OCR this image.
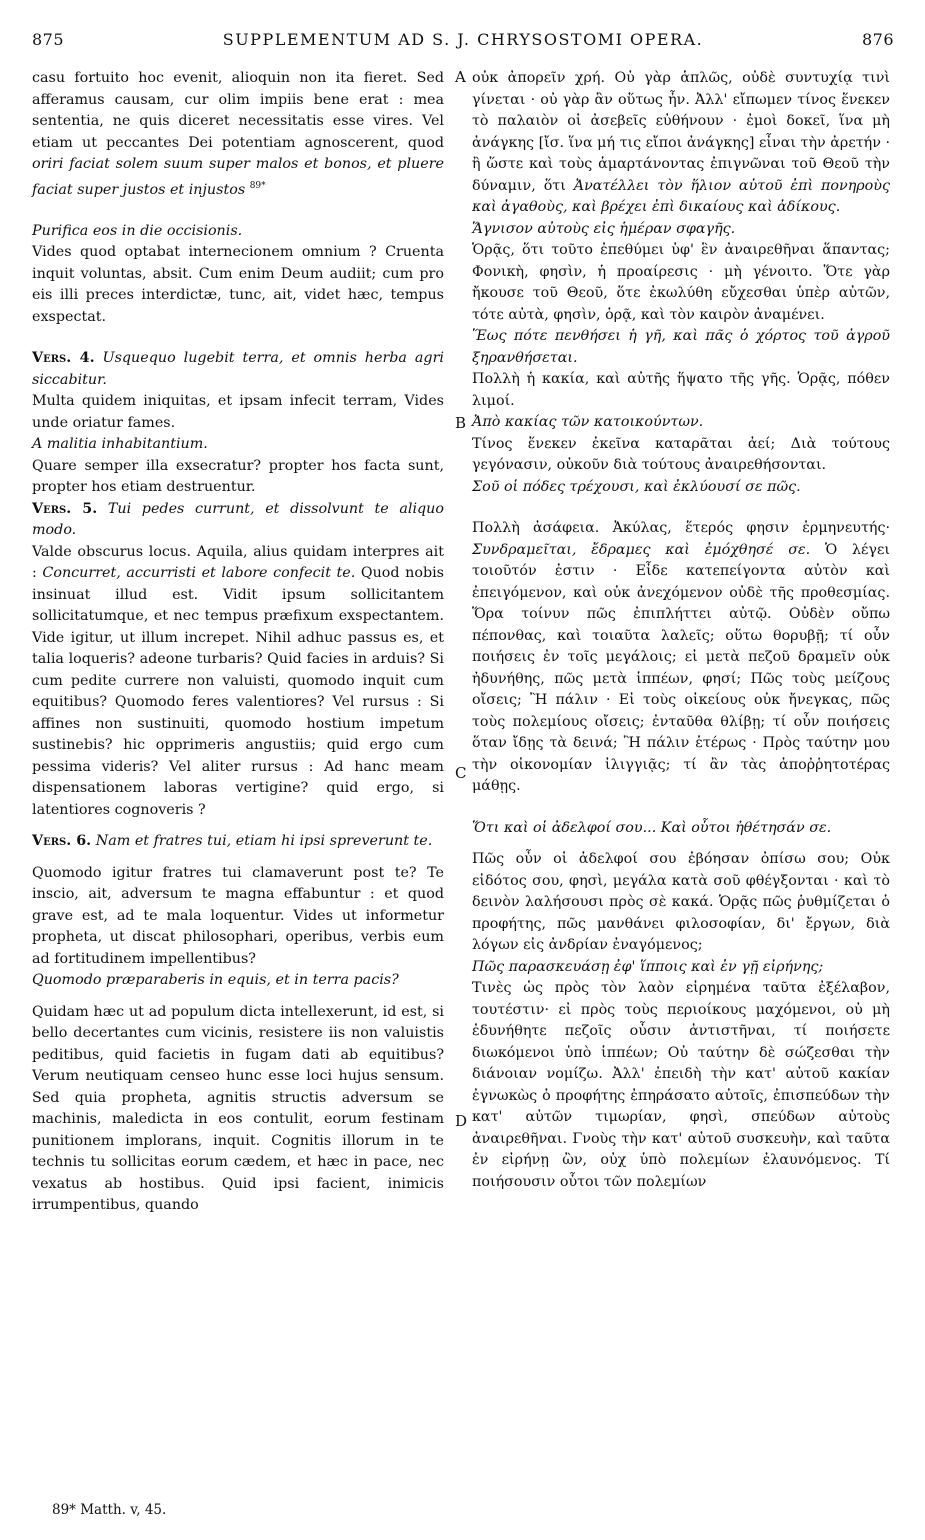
875	SUPPLEMENTUM AD S. J. CHRYSOSTOMI OPERA.	876
A
B
C
D

casu fortuito hoc evenit, alioquin non ita fieret. Sed afferamus causam, cur olim impiis bene erat : mea sententia, ne quis diceret necessitatis esse vires. Vel etiam ut peccantes Dei potentiam agnoscerent, quod oriri faciat solem suum super malos et bonos, et pluere faciat super justos et injustos $^{89*}$

Purifica eos in die occisionis.

Vides quod optabat internecionem omnium ? Cruenta inquit voluntas, absit. Cum enim Deum audiit; cum pro eis illi preces interdictæ, tunc, ait, videt hæc, tempus exspectat.

Vers. 4. Usquequo lugebit terra, et omnis herba agri siccabitur.

Multa quidem iniquitas, et ipsam infecit terram, Vides unde oriatur fames.

A malitia inhabitantium.

Quare semper illa exsecratur? propter hos facta sunt, propter hos etiam destruentur.

Vers. 5. Tui pedes currunt, et dissolvunt te aliquo modo.

Valde obscurus locus. Aquila, alius quidam interpres ait : Concurret, accurristi et labore confecit te. Quod nobis insinuat illud est. Vidit ipsum sollicitantem sollicitatumque, et nec tempus præfixum exspectantem. Vide igitur, ut illum increpet. Nihil adhuc passus es, et talia loqueris? adeone turbaris? Quid facies in arduis? Si cum pedite currere non valuisti, quomodo inquit cum equitibus? Quomodo feres valentiores? Vel rursus : Si affines non sustinuiti, quomodo hostium impetum sustinebis? hic opprimeris angustiis; quid ergo cum pessima videris? Vel aliter rursus : Ad hanc meam dispensationem laboras vertigine? quid ergo, si latentiores cognoveris ?

Vers. 6. Nam et fratres tui, etiam hi ipsi spreverunt te.

Quomodo igitur fratres tui clamaverunt post te? Te inscio, ait, adversum te magna effabuntur : et quod grave est, ad te mala loquentur. Vides ut informetur propheta, ut discat philosophari, operibus, verbis eum ad fortitudinem impellentibus?

Quomodo præparaberis in equis, et in terra pacis?

Quidam hæc ut ad populum dicta intellexerunt, id est, si bello decertantes cum vicinis, resistere iis non valuistis peditibus, quid facietis in fugam dati ab equitibus? Verum neutiquam censeo hunc esse loci hujus sensum. Sed quia propheta, agnitis structis adversum se machinis, maledicta in eos contulit, eorum festinam punitionem implorans, inquit. Cognitis illorum in te technis tu sollicitas eorum cædem, et hæc in pace, nec vexatus ab hostibus. Quid ipsi facient, inimicis irrumpentibus, quando

οὐκ ἀπορεῖν χρή. Οὐ γὰρ ἁπλῶς, οὐδὲ συντυχίᾳ τινὶ γίνεται · οὐ γὰρ ἂν οὕτως ἦν. Ἀλλ' εἴπωμεν τίνος ἕνεκεν τὸ παλαιὸν οἱ ἀσεβεῖς εὐθήνουν · ἐμοὶ δοκεῖ, ἵνα μὴ ἀνάγκης [ἴσ. ἵνα μή τις εἴποι ἀνάγκης] εἶναι τὴν ἀρετήν · ἢ ὥστε καὶ τοὺς ἁμαρτάνοντας ἐπιγνῶναι τοῦ Θεοῦ τὴν δύναμιν, ὅτι Ἀνατέλλει τὸν ἥλιον αὐτοῦ ἐπὶ πονηροὺς καὶ ἀγαθοὺς, καὶ βρέχει ἐπὶ δικαίους καὶ ἀδίκους.

Ἅγνισον αὐτοὺς εἰς ἡμέραν σφαγῆς.

Ὁρᾷς, ὅτι τοῦτο ἐπεθύμει ὑφ' ἓν ἀναιρεθῆναι ἅπαντας; Φονικὴ, φησὶν, ἡ προαίρεσις · μὴ γένοιτο. Ὅτε γὰρ ἤκουσε τοῦ Θεοῦ, ὅτε ἐκωλύθη εὔχεσθαι ὑπὲρ αὐτῶν, τότε αὐτὰ, φησὶν, ὁρᾷ, καὶ τὸν καιρὸν ἀναμένει.

Ἕως πότε πενθήσει ἡ γῆ, καὶ πᾶς ὁ χόρτος τοῦ ἀγροῦ ξηρανθήσεται.

Πολλὴ ἡ κακία, καὶ αὐτῆς ἥψατο τῆς γῆς. Ὁρᾷς, πόθεν λιμοί.

Ἀπὸ κακίας τῶν κατοικούντων.

Τίνος ἕνεκεν ἐκεῖνα καταρᾶται ἀεί; Διὰ τούτους γεγόνασιν, οὐκοῦν διὰ τούτους ἀναιρεθήσονται.

Σοῦ οἱ πόδες τρέχουσι, καὶ ἐκλύουσί σε πῶς.

Πολλὴ ἀσάφεια. Ἀκύλας, ἕτερός φησιν ἑρμηνευτής· Συνδραμεῖται, ἔδραμες καὶ ἐμόχθησέ σε. Ὁ λέγει τοιοῦτόν ἐστιν · Εἶδε κατεπείγοντα αὐτὸν καὶ ἐπειγόμενον, καὶ οὐκ ἀνεχόμενον οὐδὲ τῆς προθεσμίας. Ὅρα τοίνυν πῶς ἐπιπλήττει αὐτῷ. Οὐδὲν οὔπω πέπονθας, καὶ τοιαῦτα λαλεῖς; οὕτω θορυβῇ; τί οὖν ποιήσεις ἐν τοῖς μεγάλοις; εἰ μετὰ πεζοῦ δραμεῖν οὐκ ἠδυνήθης, πῶς μετὰ ἱππέων, φησί; Πῶς τοὺς μείζους οἴσεις; Ἢ πάλιν · Εἰ τοὺς οἰκείους οὐκ ἤνεγκας, πῶς τοὺς πολεμίους οἴσεις; ἐνταῦθα θλίβῃ; τί οὖν ποιήσεις ὅταν ἴδῃς τὰ δεινά; Ἢ πάλιν ἑτέρως · Πρὸς ταύτην μου τὴν οἰκονομίαν ἰλιγγιᾷς; τί ἂν τὰς ἀποῤῥητοτέρας μάθῃς.

Ὅτι καὶ οἱ ἀδελφοί σου... Καὶ οὗτοι ἠθέτησάν σε.

Πῶς οὖν οἱ ἀδελφοί σου ἐβόησαν ὀπίσω σου; Οὐκ εἰδότος σου, φησὶ, μεγάλα κατὰ σοῦ φθέγξονται · καὶ τὸ δεινὸν λαλήσουσι πρὸς σὲ κακά. Ὁρᾷς πῶς ῥυθμίζεται ὁ προφήτης, πῶς μανθάνει φιλοσοφίαν, δι' ἔργων, διὰ λόγων εἰς ἀνδρίαν ἐναγόμενος;

Πῶς παρασκευάσῃ ἐφ' ἵπποις καὶ ἐν γῇ εἰρήνης;

Τινὲς ὡς πρὸς τὸν λαὸν εἰρημένα ταῦτα ἐξέλαβον, τουτέστιν· εἰ πρὸς τοὺς περιοίκους μαχόμενοι, οὐ μὴ ἐδυνήθητε πεζοῖς οὖσιν ἀντιστῆναι, τί ποιήσετε διωκόμενοι ὑπὸ ἱππέων; Οὐ ταύτην δὲ σώζεσθαι τὴν διάνοιαν νομίζω. Ἀλλ' ἐπειδὴ τὴν κατ' αὐτοῦ κακίαν ἐγνωκὼς ὁ προφήτης ἐπηράσατο αὐτοῖς, ἐπισπεύδων τὴν κατ' αὐτῶν τιμωρίαν, φησὶ, σπεύδων αὐτοὺς ἀναιρεθῆναι. Γνοὺς τὴν κατ' αὐτοῦ συσκευὴν, καὶ ταῦτα ἐν εἰρήνῃ ὢν, οὐχ ὑπὸ πολεμίων ἐλαυνόμενος. Τί ποιήσουσιν οὗτοι τῶν πολεμίων

89* Matth. v, 45.
